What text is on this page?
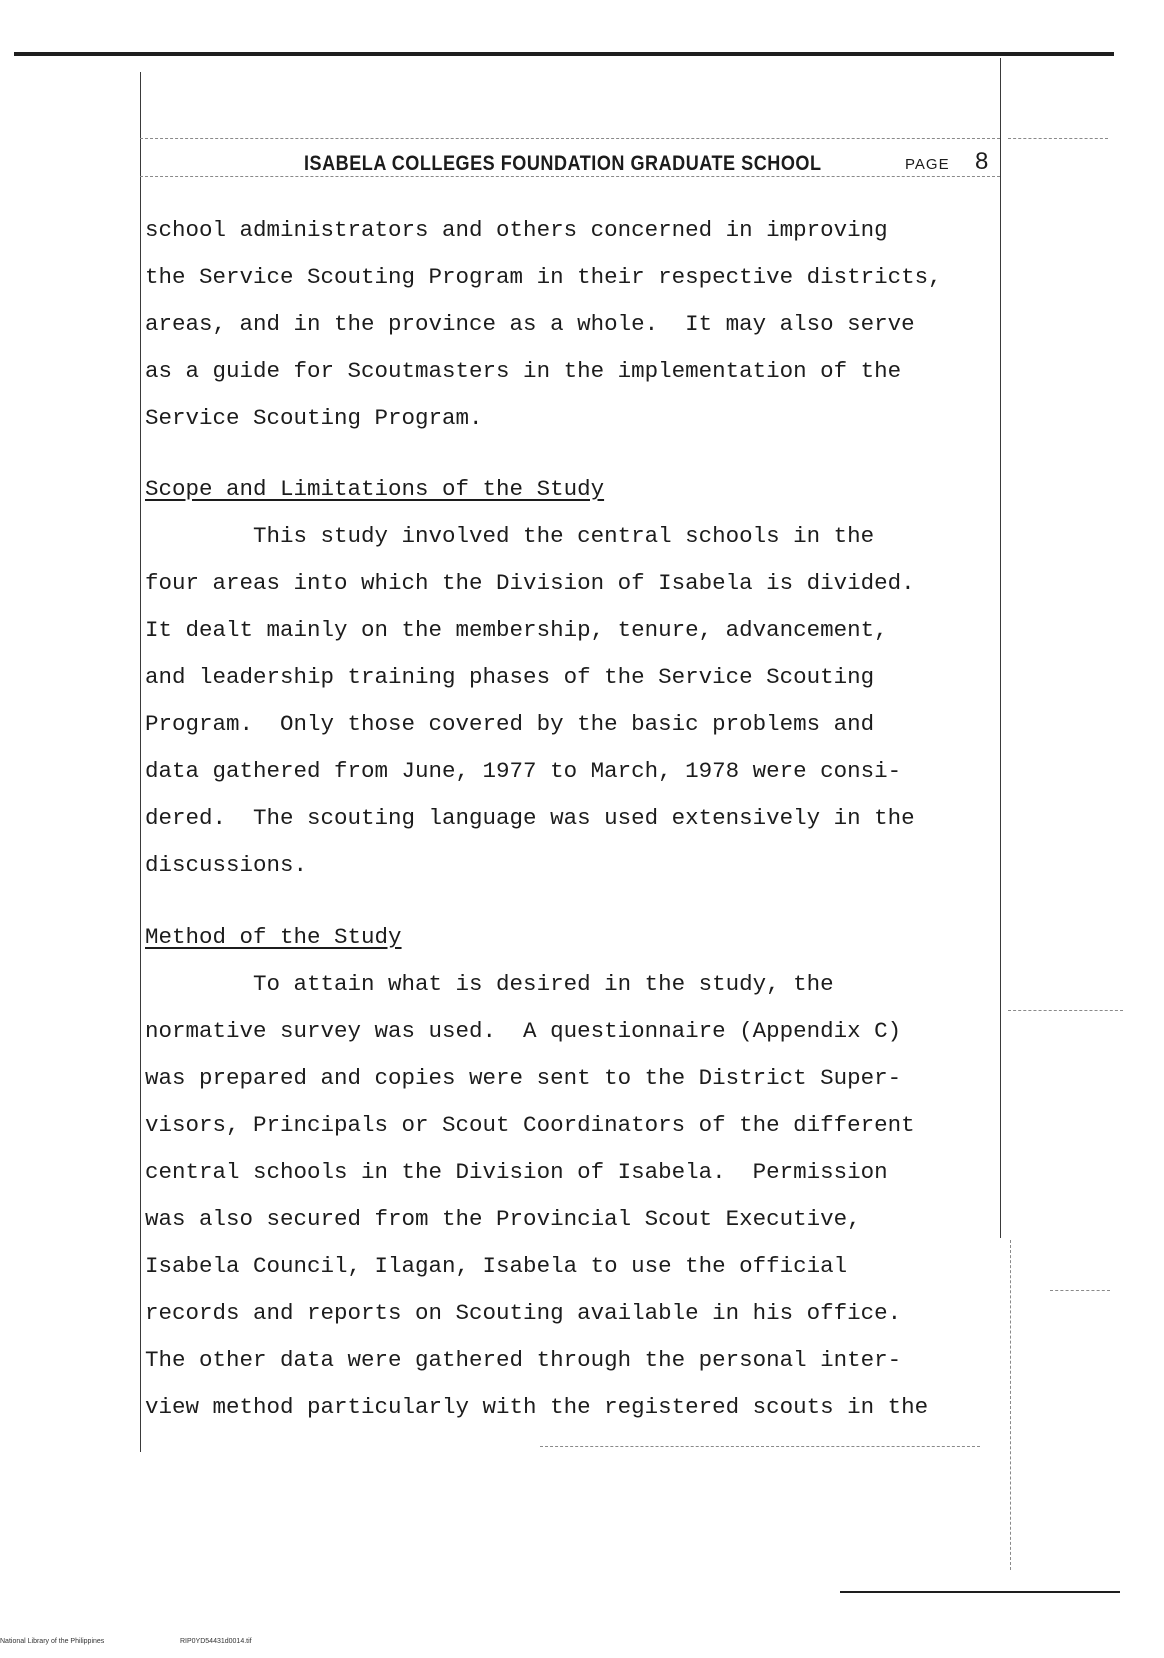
ISABELA COLLEGES FOUNDATION GRADUATE SCHOOL	PAGE 8
school administrators and others concerned in improving
the Service Scouting Program in their respective districts,
areas, and in the province as a whole.  It may also serve
as a guide for Scoutmasters in the implementation of the
Service Scouting Program.
Scope and Limitations of the Study
This study involved the central schools in the
four areas into which the Division of Isabela is divided.
It dealt mainly on the membership, tenure, advancement,
and leadership training phases of the Service Scouting
Program.  Only those covered by the basic problems and
data gathered from June, 1977 to March, 1978 were consi-
dered.  The scouting language was used extensively in the
discussions.
Method of the Study
To attain what is desired in the study, the
normative survey was used.  A questionnaire (Appendix C)
was prepared and copies were sent to the District Super-
visors, Principals or Scout Coordinators of the different
central schools in the Division of Isabela.  Permission
was also secured from the Provincial Scout Executive,
Isabela Council, Ilagan, Isabela to use the official
records and reports on Scouting available in his office.
The other data were gathered through the personal inter-
view method particularly with the registered scouts in the
National Library of the Philippines	RIP0YD54431d0014.tif
